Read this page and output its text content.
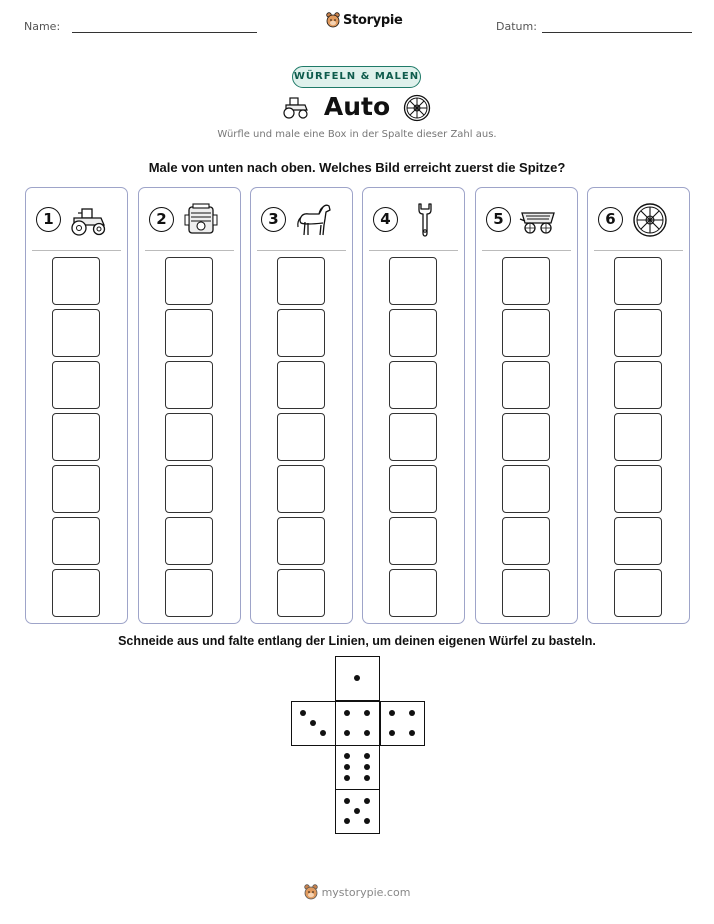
Name:	Storypie	Datum:
WÜRFELN & MALEN
Auto
Würfle und male eine Box in der Spalte dieser Zahl aus.
Male von unten nach oben. Welches Bild erreicht zuerst die Spitze?
1	2	3	4	5	6
Schneide aus und falte entlang der Linien, um deinen eigenen Würfel zu basteln.
mystorypie.com
